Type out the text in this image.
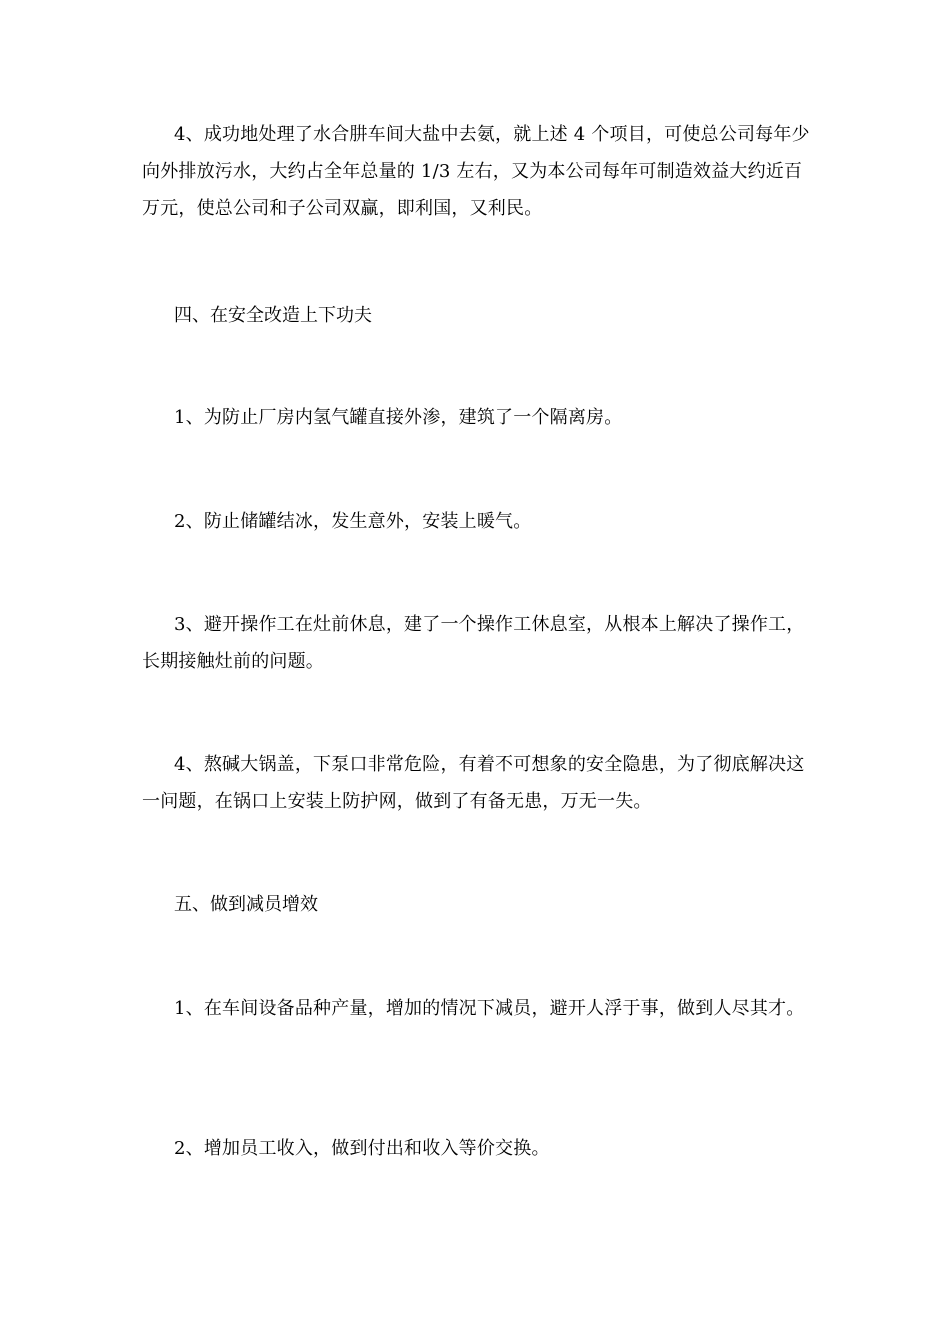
4、成功地处理了水合肼车间大盐中去氨，就上述 4 个项目，可使总公司每年少向外排放污水，大约占全年总量的 1/3 左右，又为本公司每年可制造效益大约近百万元，使总公司和子公司双赢，即利国，又利民。

四、在安全改造上下功夫

1、为防止厂房内氢气罐直接外渗，建筑了一个隔离房。

2、防止储罐结冰，发生意外，安装上暖气。

3、避开操作工在灶前休息，建了一个操作工休息室，从根本上解决了操作工，长期接触灶前的问题。

4、熬碱大锅盖，下泵口非常危险，有着不可想象的安全隐患，为了彻底解决这一问题，在锅口上安装上防护网，做到了有备无患，万无一失。

五、做到减员增效

1、在车间设备品种产量，增加的情况下减员，避开人浮于事，做到人尽其才。

2、增加员工收入，做到付出和收入等价交换。
